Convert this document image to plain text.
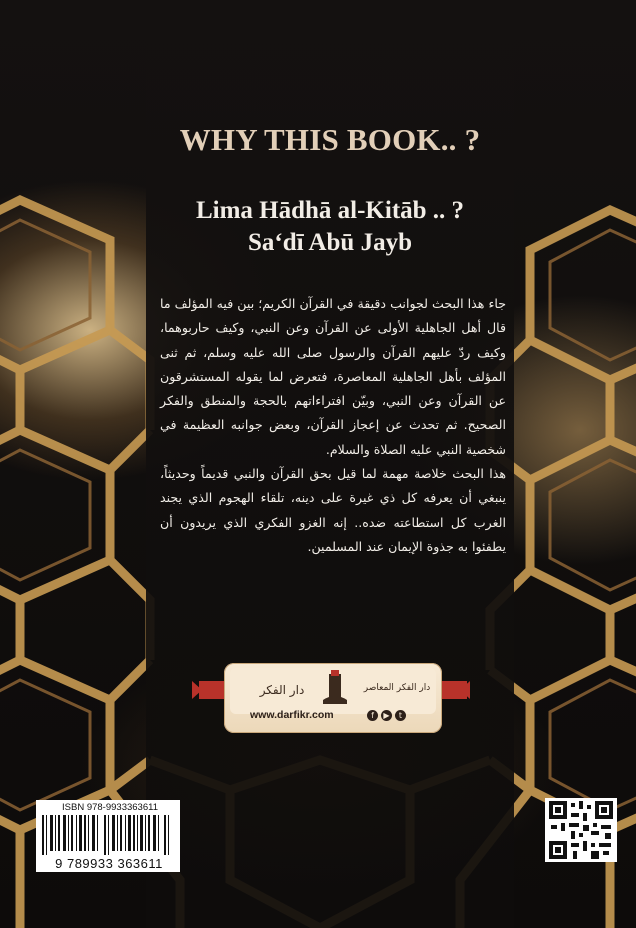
WHY THIS BOOK.. ?
Lima Hādhā al-Kitāb .. ?
Sa‘dī Abū Jayb

جاء هذا البحث لجوانب دقيقة في القرآن الكريم؛ بين فيه المؤلف ما قال أهل الجاهلية الأولى عن القرآن وعن النبي، وكيف حاربوهما، وكيف ردّ عليهم القرآن والرسول صلى الله عليه وسلم، ثم ثنى المؤلف بأهل الجاهلية المعاصرة، فتعرض لما يقوله المستشرقون عن القرآن وعن النبي، وبيّن افتراءاتهم بالحجة والمنطق والفكر الصحيح. ثم تحدث عن إعجاز القرآن، وبعض جوانبه العظيمة في شخصية النبي عليه الصلاة والسلام.

هذا البحث خلاصة مهمة لما قيل بحق القرآن والنبي قديماً وحديثاً، ينبغي أن يعرفه كل ذي غيرة على دينه، تلقاء الهجوم الذي يجند الغرب كل استطاعته ضده.. إنه الغزو الفكري الذي يريدون أن يطفئوا به جذوة الإيمان عند المسلمين.

دار الفكر المعاصر
دار الفكر
www.darfikr.com	f	▶	t
ISBN 978-9933363611
9 789933 363611
